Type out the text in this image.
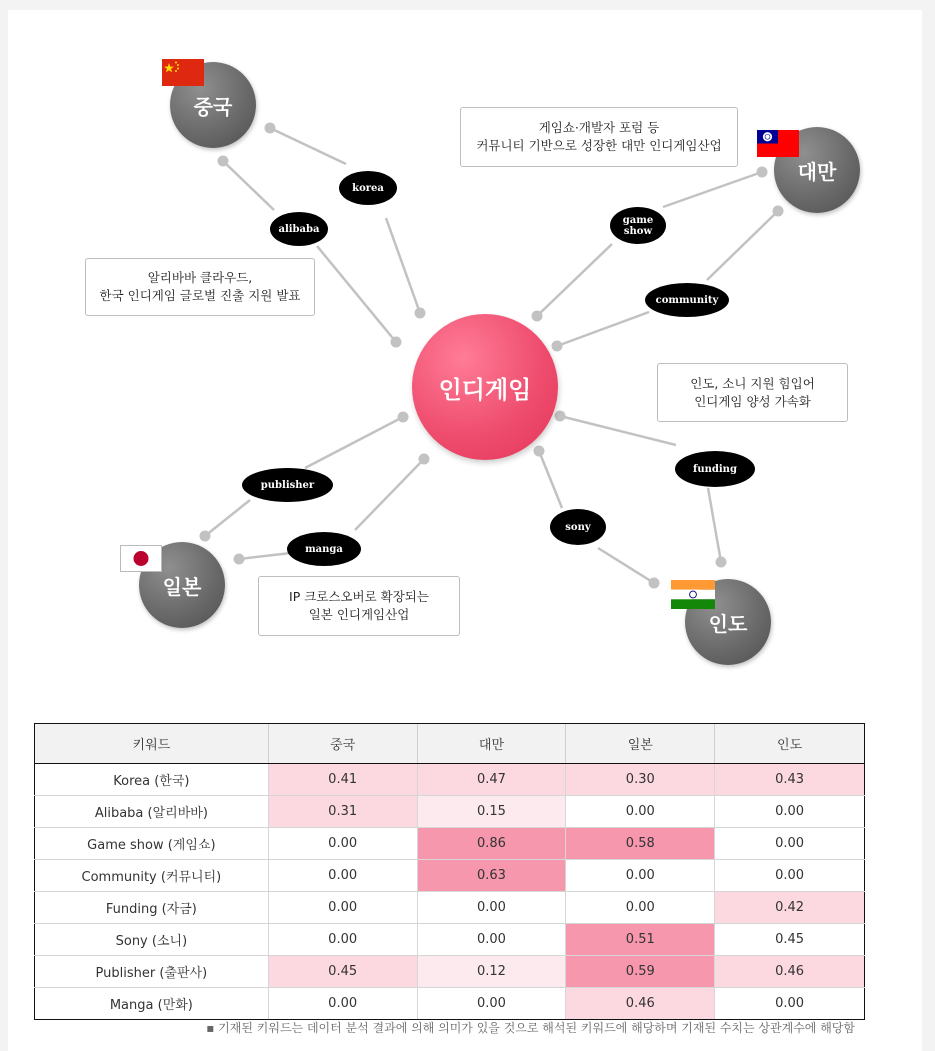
인디게임
중국
대만
일본
인도
korea
alibaba
game
show
community
funding
sony
publisher
manga
알리바바 클라우드,
한국 인디게임 글로벌 진출 지원 발표
게임쇼·개발자 포럼 등
커뮤니티 기반으로 성장한 대만 인디게임산업
인도, 소니 지원 힘입어
인디게임 양성 가속화
IP 크로스오버로 확장되는
일본 인디게임산업
키워드	중국	대만	일본	인도
Korea (한국)	0.41	0.47	0.30	0.43
Alibaba (알리바바)	0.31	0.15	0.00	0.00
Game show (게임쇼)	0.00	0.86	0.58	0.00
Community (커뮤니티)	0.00	0.63	0.00	0.00
Funding (자금)	0.00	0.00	0.00	0.42
Sony (소니)	0.00	0.00	0.51	0.45
Publisher (출판사)	0.45	0.12	0.59	0.46
Manga (만화)	0.00	0.00	0.46	0.00
▪ 기재된 키워드는 데이터 분석 결과에 의해 의미가 있을 것으로 해석된 키워드에 해당하며 기재된 수치는 상관계수에 해당함
